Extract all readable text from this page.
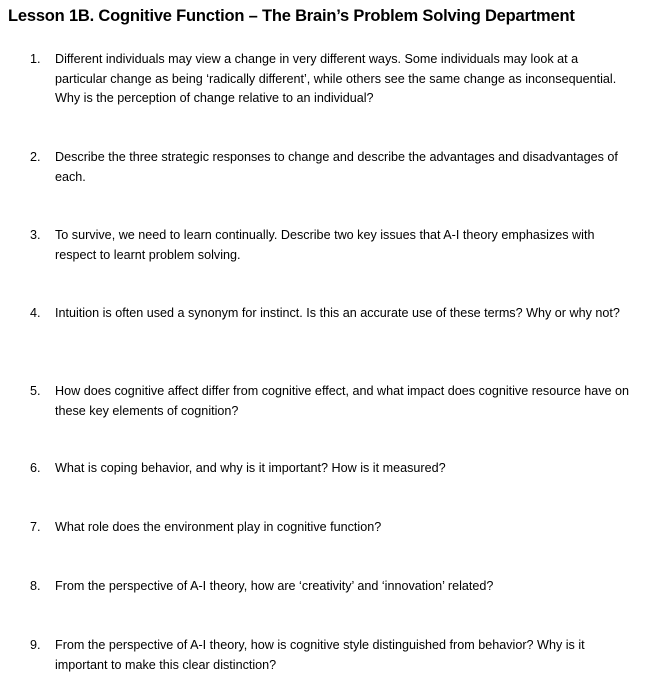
Lesson 1B. Cognitive Function – The Brain’s Problem Solving Department
1.	Different individuals may view a change in very different ways. Some individuals may look at a particular change as being ‘radically different’, while others see the same change as inconsequential. Why is the perception of change relative to an individual?
2.	Describe the three strategic responses to change and describe the advantages and disadvantages of each.
3.	To survive, we need to learn continually. Describe two key issues that A-I theory emphasizes with respect to learnt problem solving.
4.	Intuition is often used a synonym for instinct. Is this an accurate use of these terms? Why or why not?
5.	How does cognitive affect differ from cognitive effect, and what impact does cognitive resource have on these key elements of cognition?
6.	What is coping behavior, and why is it important? How is it measured?
7.	What role does the environment play in cognitive function?
8.	From the perspective of A-I theory, how are ‘creativity’ and ‘innovation’ related?
9.	From the perspective of A-I theory, how is cognitive style distinguished from behavior? Why is it important to make this clear distinction?
